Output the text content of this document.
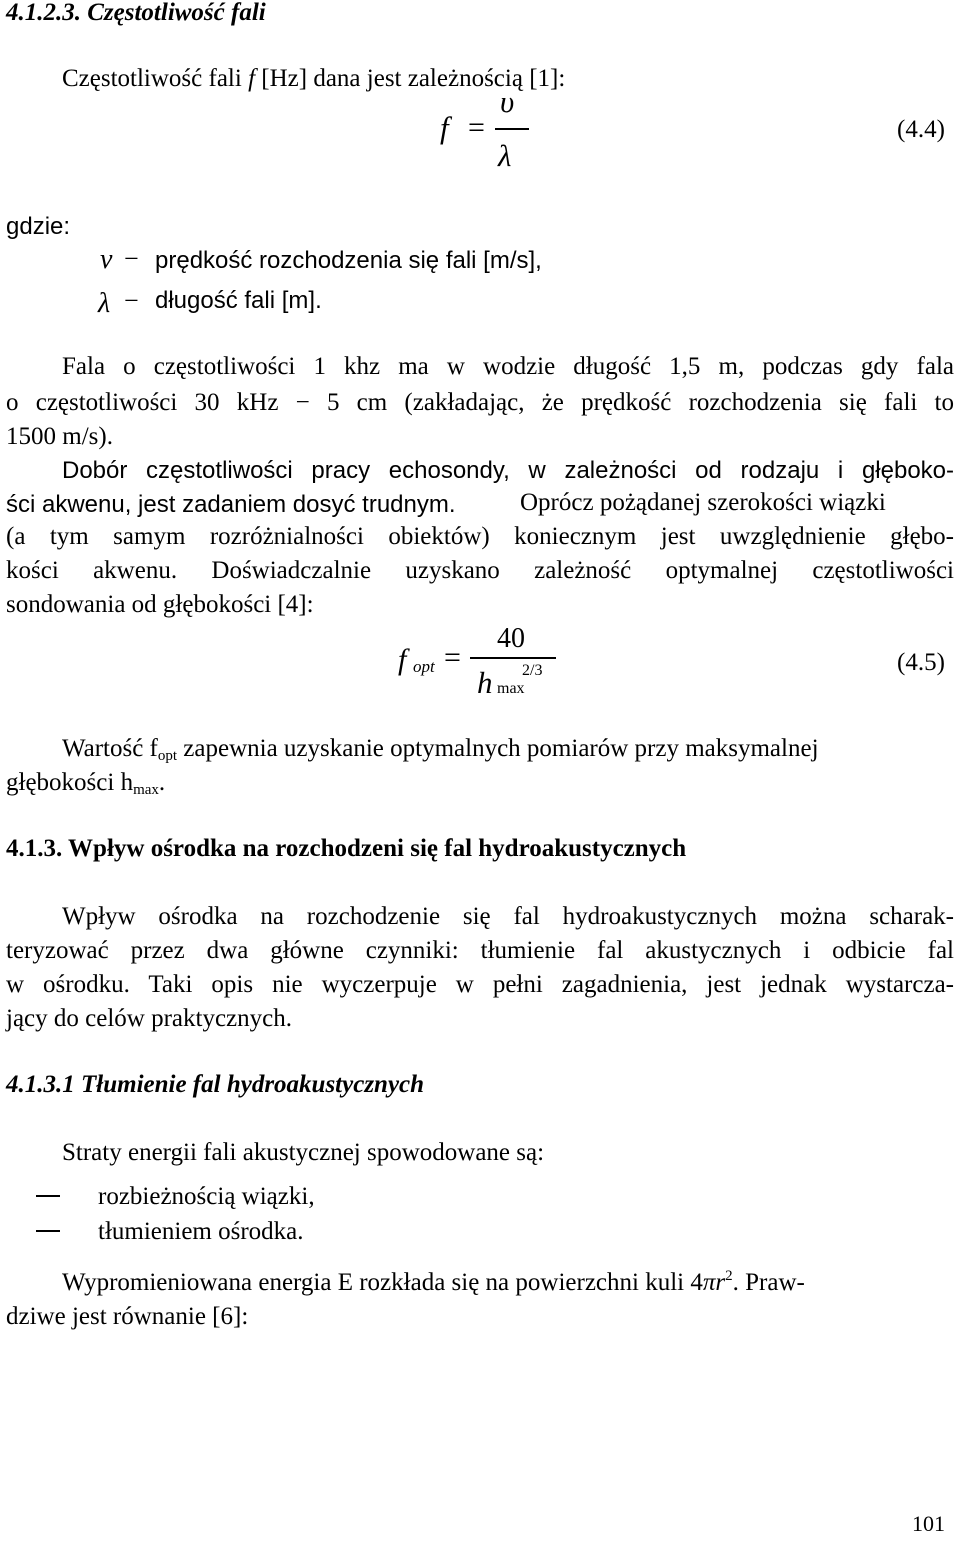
4.1.2.3. Częstotliwość fali
Częstotliwość fali f [Hz] dana jest zależnością [1]:
f =
υ
λ
(4.4)
gdzie:
ν − prędkość rozchodzenia się fali [m/s],
λ − długość fali [m].
Fala o częstotliwości 1 khz ma w wodzie długość 1,5 m, podczas gdy fala
o częstotliwości 30 kHz − 5 cm (zakładając, że prędkość rozchodzenia się fali to
1500 m/s).
Dobór częstotliwości pracy echosondy, w zależności od rodzaju i głęboko-
ści akwenu, jest zadaniem dosyć trudnym.	Oprócz pożądanej szerokości wiązki
(a tym samym rozróżnialności obiektów) koniecznym jest uwzględnienie głębo-
kości akwenu. Doświadczalnie uzyskano zależność optymalnej częstotliwości
sondowania od głębokości [4]:
f opt =
40
h max
2/3	(4.5)
Wartość $f_{opt}$ zapewnia uzyskanie optymalnych pomiarów przy maksymalnej
głębokości $h_{max}$.
4.1.3. Wpływ ośrodka na rozchodzeni się fal hydroakustycznych
Wpływ ośrodka na rozchodzenie się fal hydroakustycznych można scharak-
teryzować przez dwa główne czynniki: tłumienie fal akustycznych i odbicie fal
w ośrodku. Taki opis nie wyczerpuje w pełni zagadnienia, jest jednak wystarcza-
jący do celów praktycznych.
4.1.3.1 Tłumienie fal hydroakustycznych
Straty energii fali akustycznej spowodowane są:
rozbieżnością wiązki,
tłumieniem ośrodka.
Wypromieniowana energia E rozkłada się na powierzchni kuli $4\pi r^2$. Praw-
dziwe jest równanie [6]:
101
